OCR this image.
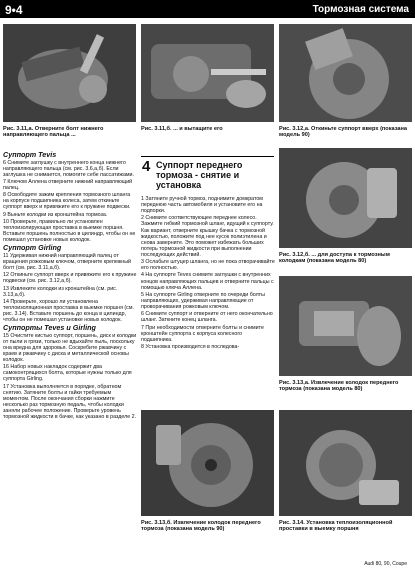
9•4	Тормозная система
Рис. 3.11,а. Отверните болт нижнего направляющего пальца ...
Рис. 3.11,б. ... и вытащите его	Рис. 3.12,а. Откиньте суппорт вверх (показана модель 90)
Суппорт Tevis

6 Снимите заглушку с внутреннего конца нижнего направляющего пальца (см. рис. 3.6,а,б). Если заглушка не снимается, помогите себе пассатижами.

7 Ключом Аллена отверните нижний направляющий палец.

8 Освободите зажим крепления тормозного шланга на корпусе подшипника колеса, затем откиньте суппорт вверх и привяжите его к пружине подвески.

9 Выньте колодки из кронштейна тормоза.

10 Проверьте, правильно ли установлен теплоизолирующая проставка в выемке поршня. Вставьте поршень полностью в цилиндр, чтобы он не помешал установке новых колодок.

Суппорт Girling

11 Удерживая нижний направляющий палец от вращения рожковым ключом, отверните крепежный болт (см. рис. 3.11,а,б).

12 Откиньте суппорт вверх и привяжите его к пружине подвески (см. рис. 3.12,а,б).

13 Извлеките колодки из кронштейна (см. рис. 3.13,а,б).

14 Проверьте, хорошо ли установлена теплоизоляционная проставка в выемке поршня (см. рис. 3.14). Вставьте поршень до конца в цилиндр, чтобы он не помешал установке новых колодок.

Суппорты Teves и Girling

15 Очистите кистью суппорт, поршень, диск и колодки от пыли и грязи, только не вдыхайте пыль, поскольку она вредна для здоровья. Соскребите ржавчину с краев и ржавчину с диска и металлической основы колодок.

16 Набор новых накладок содержит два самоконтрящихся болта, которые нужны только для суппорта Girling.

17 Установка выполняется в порядке, обратном снятию. Затяните болты и гайки требуемым моментом. После окончания сборки нажмите несколько раз тормозную педаль, чтобы колодки заняли рабочее положение. Проверьте уровень тормозной жидкости в бачке, как указано в разделе 2.

4 Суппорт переднего тормоза - снятие и установка

1 Затяните ручной тормоз, поднимите домкратом переднюю часть автомобиля и установите его на подпорки.

2 Снимите соответствующее переднее колесо. Зажмите гибкий тормозной шланг, идущий к суппорту. Как вариант, отверните крышку бачка с тормозной жидкостью, положите под нее кусок полиэтилена и снова заверните. Это поможет избежать больших потерь тормозной жидкости при выполнении последующих действий.

3 Ослабьте штуцер шланга, но не пока отворачивайте его полностью.

4 На суппорте Teves снимите заглушки с внутренних концов направляющих пальцев и отверните пальцы с помощью ключа Аллена.

5 На суппорте Girling отверните по очереди болты направляющих, удерживая направляющие от проворачивания рожковым ключом.

6 Снимите суппорт и отверните от него окончательно шланг. Заткните конец шланга.

7 При необходимости отверните болты и снимите кронштейн суппорта с корпуса колесного подшипника.

8 Установка производится в последова-

Рис. 3.13,б. Извлечение колодок переднего тормоза (показана модель 90)
Рис. 3.12,б. ... для доступа к тормозным колодкам (показана модель 80)
Рис. 3.13,а. Извлечение колодок переднего тормоза (показана модель 80)
Рис. 3.14. Установка теплоизоляционной проставки в выемку поршня
Audi 80, 90, Coupe
